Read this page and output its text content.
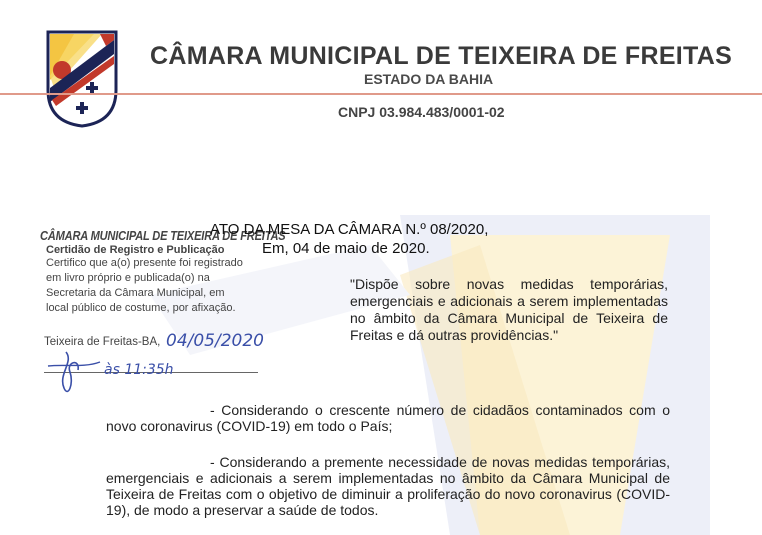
CÂMARA MUNICIPAL DE TEIXEIRA DE FREITAS
ESTADO DA BAHIA
CNPJ 03.984.483/0001-02
CÂMARA MUNICIPAL DE TEIXEIRA DE FREITAS
Certidão de Registro e Publicação
Certifico que a(o) presente foi registrado
em livro próprio e publicada(o) na
Secretaria da Câmara Municipal, em
local público de costume, por afixação.
Teixeira de Freitas-BA, 04/05/2020
às 11:35h
ATO DA MESA DA CÂMARA N.º 08/2020,
Em, 04 de maio de 2020.
"Dispõe sobre novas medidas temporárias, emergenciais e adicionais a serem implementadas no âmbito da Câmara Municipal de Teixeira de Freitas e dá outras providências."
- Considerando o crescente número de cidadãos contaminados com o novo coronavirus (COVID-19) em todo o País;
- Considerando a premente necessidade de novas medidas temporárias, emergenciais e adicionais a serem implementadas no âmbito da Câmara Municipal de Teixeira de Freitas com o objetivo de diminuir a proliferação do novo coronavirus (COVID-19), de modo a preservar a saúde de todos.
